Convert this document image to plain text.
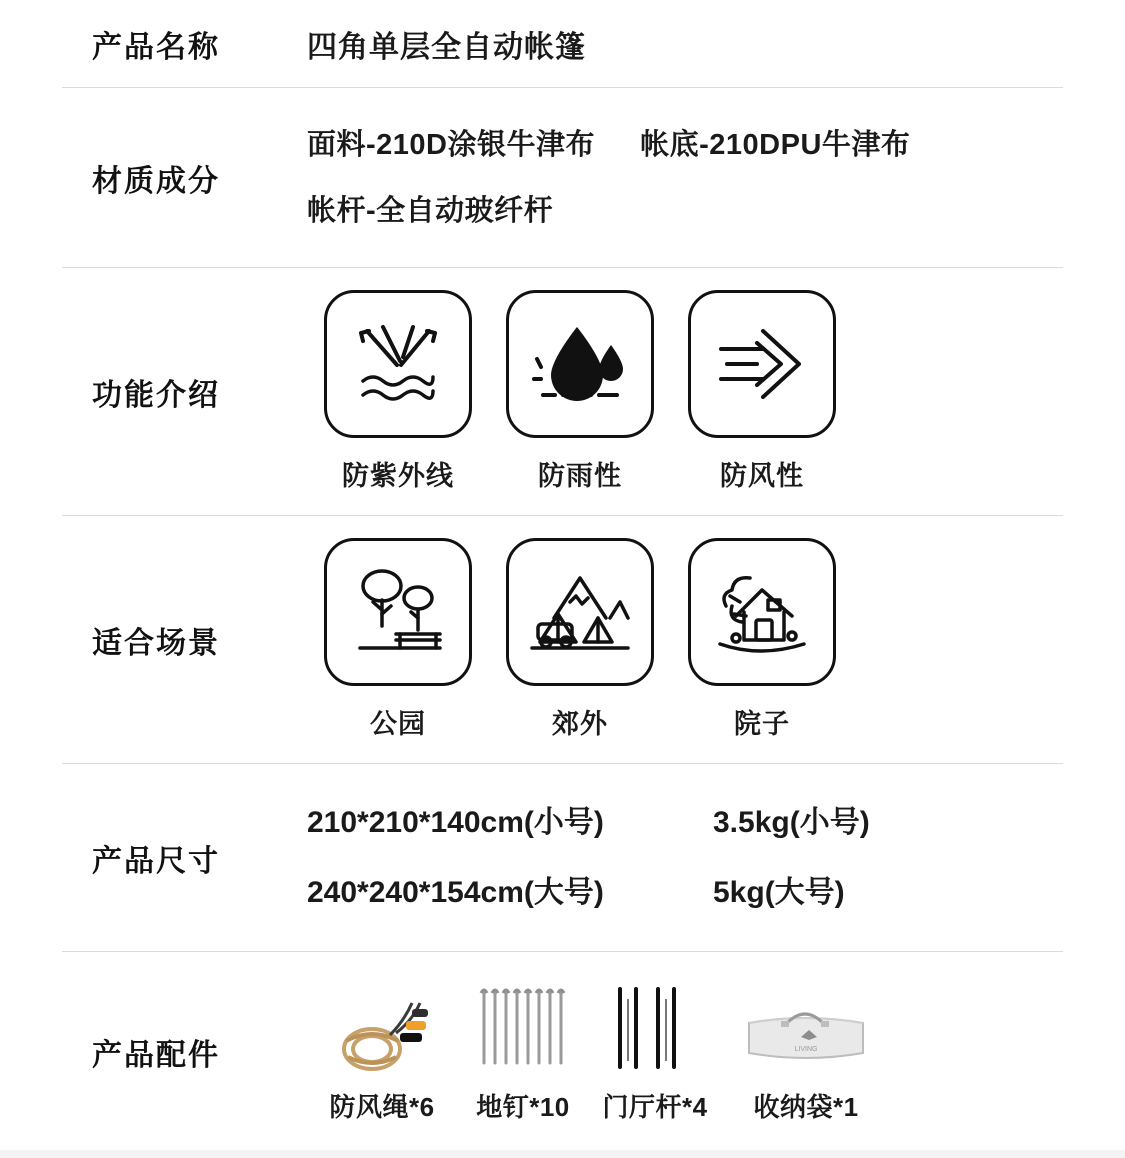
产品名称	四角单层全自动帐篷
材质成分
面料-210D涂银牛津布 帐底-210DPU牛津布
帐杆-全自动玻纤杆
功能介绍
防紫外线	防雨性	防风性
适合场景
公园	郊外	院子
产品尺寸
210*210*140cm(小号)	3.5kg(小号)
240*240*154cm(大号)	5kg(大号)
产品配件
防风绳*6 地钉*10 门厅杆*4
LIVING
收纳袋*1
